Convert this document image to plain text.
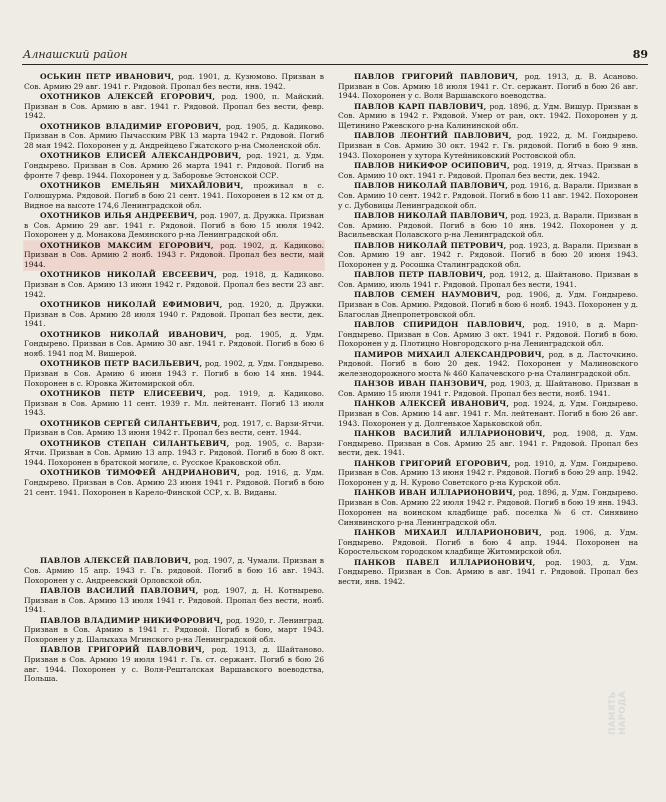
Алнашский район	89

ОСЬКИН ПЕТР ИВАНОВИЧ, род. 1901, д. Кузюмово. Призван в Сов. Армию 29 авг. 1941 г. Рядовой. Пропал без вести, янв. 1942.

ОХОТНИКОВ АЛЕКСЕЙ ЕГОРОВИЧ, род. 1900, п. Майский. Призван в Сов. Армию в авг. 1941 г. Рядовой. Пропал без вести, февр. 1942.

ОХОТНИКОВ ВЛАДИМИР ЕГОРОВИЧ, род. 1905, д. Кадиково. Призван в Сов. Армию Пычасским РВК 13 марта 1942 г. Рядовой. Погиб 28 мая 1942. Похоронен у д. Андрейцево Гжатского р-на Смоленской обл.

ОХОТНИКОВ ЕЛИСЕЙ АЛЕКСАНДРОВИЧ, род. 1921, д. Удм. Гондырево. Призван в Сов. Армию 26 марта 1941 г. Рядовой. Погиб на фронте 7 февр. 1944. Похоронен у д. Заборовье Эстонской ССР.

ОХОТНИКОВ ЕМЕЛЬЯН МИХАЙЛОВИЧ, проживал в с. Голюшурма. Рядовой. Погиб в бою 21 сент. 1941. Похоронен в 12 км от д. Видное на высоте 174,6 Ленинградской обл.

ОХОТНИКОВ ИЛЬЯ АНДРЕЕВИЧ, род. 1907, д. Дружка. Призван в Сов. Армию 29 авг. 1941 г. Рядовой. Погиб в бою 15 июля 1942. Похоронен у д. Монакова Демянского р-на Ленинградской обл.

ОХОТНИКОВ МАКСИМ ЕГОРОВИЧ, род. 1902, д. Кадиково. Призван в Сов. Армию 2 нояб. 1943 г. Рядовой. Пропал без вести, май 1944.

ОХОТНИКОВ НИКОЛАЙ ЕВСЕЕВИЧ, род. 1918, д. Кадиково. Призван в Сов. Армию 13 июня 1942 г. Рядовой. Пропал без вести 23 авг. 1942.

ОХОТНИКОВ НИКОЛАЙ ЕФИМОВИЧ, род. 1920, д. Дружки. Призван в Сов. Армию 28 июля 1940 г. Рядовой. Пропал без вести, дек. 1941.

ОХОТНИКОВ НИКОЛАЙ ИВАНОВИЧ, род. 1905, д. Удм. Гондырево. Призван в Сов. Армию 30 авг. 1941 г. Рядовой. Погиб в бою 6 нояб. 1941 под М. Вишерой.

ОХОТНИКОВ ПЕТР ВАСИЛЬЕВИЧ, род. 1902, д. Удм. Гондырево. Призван в Сов. Армию 6 июня 1943 г. Погиб в бою 14 янв. 1944. Похоронен в с. Юровка Житомирской обл.

ОХОТНИКОВ ПЕТР ЕЛИСЕЕВИЧ, род. 1919, д. Кадиково. Призван в Сов. Армию 11 сент. 1939 г. Мл. лейтенант. Погиб 13 июля 1943.

ОХОТНИКОВ СЕРГЕЙ СИЛАНТЬЕВИЧ, род. 1917, с. Варзи-Ятчи. Призван в Сов. Армию 13 июня 1942 г. Пропал без вести, сент. 1944.

ОХОТНИКОВ СТЕПАН СИЛАНТЬЕВИЧ, род. 1905, с. Варзи-Ятчи. Призван в Сов. Армию 13 апр. 1943 г. Рядовой. Погиб в бою 8 окт. 1944. Похоронен в братской могиле, с. Русское Краковской обл.

ОХОТНИКОВ ТИМОФЕЙ АНДРИАНОВИЧ, род. 1916, д. Удм. Гондырево. Призван в Сов. Армию 23 июня 1941 г. Рядовой. Погиб в бою 21 сент. 1941. Похоронен в Карело-Финской ССР, х. В. Виданы.

ПАВЛОВ АЛЕКСЕЙ ПАВЛОВИЧ, род. 1907, д. Чумали. Призван в Сов. Армию 15 апр. 1943 г. Гв. рядовой. Погиб в бою 16 авг. 1943. Похоронен у с. Андреевский Орловской обл.

ПАВЛОВ ВАСИЛИЙ ПАВЛОВИЧ, род. 1907, д. Н. Котныревo. Призван в Сов. Армию 13 июля 1941 г. Рядовой. Пропал без вести, нояб. 1941.

ПАВЛОВ ВЛАДИМИР НИКИФОРОВИЧ, род. 1920, г. Ленинград. Призван в Сов. Армию в 1941 г. Рядовой. Погиб в бою, март 1943. Похоронен у д. Шалыхаха Мгинского р-на Ленинградской обл.

ПАВЛОВ ГРИГОРИЙ ПАВЛОВИЧ, род. 1913, д. Шайтаново. Призван в Сов. Армию 19 июля 1941 г. Гв. ст. сержант. Погиб в бою 26 авг. 1944. Похоронен у с. Воля-Решталская Варшавского воеводства, Польша.

ПАВЛОВ ГРИГОРИЙ ПАВЛОВИЧ, род. 1913, д. В. Асаново. Призван в Сов. Армию 18 июля 1941 г. Ст. сержант. Погиб в бою 26 авг. 1944. Похоронен у с. Воля Варшавского воеводства.

ПАВЛОВ КАРП ПАВЛОВИЧ, род. 1896, д. Удм. Вишур. Призван в Сов. Армию в 1942 г. Рядовой. Умер от ран, окт. 1942. Похоронен у д. Щетинино Ржевского р-на Калининской обл.

ПАВЛОВ ЛЕОНТИЙ ПАВЛОВИЧ, род. 1922, д. М. Гондырево. Призван в Сов. Армию 30 окт. 1942 г. Гв. рядовой. Погиб в бою 9 янв. 1943. Похоронен у хутора Кутейниковский Ростовской обл.

ПАВЛОВ НИКИФОР ОСИПОВИЧ, род. 1919, д. Ятчаз. Призван в Сов. Армию 10 окт. 1941 г. Рядовой. Пропал без вести, дек. 1942.

ПАВЛОВ НИКОЛАЙ ПАВЛОВИЧ, род. 1916, д. Варали. Призван в Сов. Армию 10 сент. 1942 г. Рядовой. Погиб в бою 11 авг. 1942. Похоронен у с. Дубовицы Ленинградской обл.

ПАВЛОВ НИКОЛАЙ ПАВЛОВИЧ, род. 1923, д. Варали. Призван в Сов. Армию. Рядовой. Погиб в бою 10 янв. 1942. Похоронен у д. Васильевская Полавского р-на Ленинградской обл.

ПАВЛОВ НИКОЛАЙ ПЕТРОВИЧ, род. 1923, д. Варали. Призван в Сов. Армию 19 авг. 1942 г. Рядовой. Погиб в бою 20 июня 1943. Похоронен у д. Росошка Сталинградской обл.

ПАВЛОВ ПЕТР ПАВЛОВИЧ, род. 1912, д. Шайтаново. Призван в Сов. Армию, июль 1941 г. Рядовой. Пропал без вести, 1941.

ПАВЛОВ СЕМЕН НАУМОВИЧ, род. 1906, д. Удм. Гондырево. Призван в Сов. Армию. Рядовой. Погиб в бою 6 нояб. 1943. Похоронен у д. Благослав Днепропетровской обл.

ПАВЛОВ СПИРИДОН ПАВЛОВИЧ, род. 1910, в д. Марп-Гондырево. Призван в Сов. Армию 3 окт. 1941 г. Рядовой. Погиб в бою. Похоронен у д. Плотицно Новгородского р-на Ленинградской обл.

ПАМИРОВ МИХАИЛ АЛЕКСАНДРОВИЧ, род. в д. Ласточкино. Рядовой. Погиб в бою 20 дек. 1942. Похоронен у Малиновского железнодорожного моста № 460 Калачевского р-на Сталинградской обл.

ПАНЗОВ ИВАН ПАНЗОВИЧ, род. 1903, д. Шайтаново. Призван в Сов. Армию 15 июля 1941 г. Рядовой. Пропал без вести, нояб. 1941.

ПАНКОВ АЛЕКСЕЙ ИВАНОВИЧ, род. 1924, д. Удм. Гондырево. Призван в Сов. Армию 14 авг. 1941 г. Мл. лейтенант. Погиб в бою 26 авг. 1943. Похоронен у д. Долгенькое Харьковской обл.

ПАНКОВ ВАСИЛИЙ ИЛЛАРИОНОВИЧ, род. 1908, д. Удм. Гондырево. Призван в Сов. Армию 25 авг. 1941 г. Рядовой. Пропал без вести, дек. 1941.

ПАНКОВ ГРИГОРИЙ ЕГОРОВИЧ, род. 1910, д. Удм. Гондырево. Призван в Сов. Армию 13 июня 1942 г. Рядовой. Погиб в бою 29 апр. 1942. Похоронен у д. Н. Курово Советского р-на Курской обл.

ПАНКОВ ИВАН ИЛЛАРИОНОВИЧ, род. 1896, д. Удм. Гондырево. Призван в Сов. Армию 22 июля 1942 г. Рядовой. Погиб в бою 19 янв. 1943. Похоронен на воинском кладбище раб. поселка № 6 ст. Синявино Синявинского р-на Ленинградской обл.

ПАНКОВ МИХАИЛ ИЛЛАРИОНОВИЧ, род. 1906, д. Удм. Гондырево. Рядовой. Погиб в бою 4 апр. 1944. Похоронен на Коростельском городском кладбище Житомирской обл.

ПАНКОВ ПАВЕЛ ИЛЛАРИОНОВИЧ, род. 1903, д. Удм. Гондырево. Призван в Сов. Армию в авг. 1941 г. Рядовой. Пропал без вести, янв. 1942.

ПАМЯТЬ НАРОДА
